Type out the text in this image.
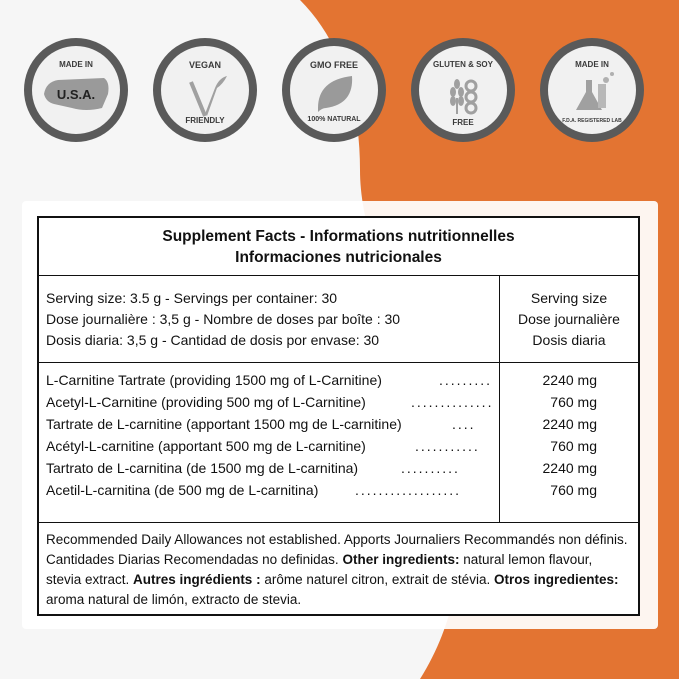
MADE IN
U.S.A.
VEGAN
FRIENDLY
GMO FREE
100% NATURAL
GLUTEN & SOY
FREE
MADE IN
F.D.A. REGISTERED LAB
Supplement Facts - Informations nutritionnelles
Informaciones nutricionales
Serving size: 3.5 g - Servings per container: 30
Dose journalière : 3,5 g - Nombre de doses par boîte : 30
Dosis diaria: 3,5 g - Cantidad de dosis por envase: 30
Serving size
Dose journalière
Dosis diaria
L-Carnitine Tartrate (providing 1500 mg of L-Carnitine)	.........	2240 mg
Acetyl-L-Carnitine (providing 500 mg of L-Carnitine)	..............	760 mg
Tartrate de L-carnitine (apportant 1500 mg de L-carnitine)	....	2240 mg
Acétyl-L-carnitine (apportant 500 mg de L-carnitine)	...........	760 mg
Tartrato de L-carnitina (de 1500 mg de L-carnitina)	..........	2240 mg
Acetil-L-carnitina (de 500 mg de L-carnitina)	..................	760 mg
Recommended Daily Allowances not established. Apports Journaliers Recommandés non définis. Cantidades Diarias Recomendadas no definidas. Other ingredients: natural lemon flavour, stevia extract. Autres ingrédients : arôme naturel citron, extrait de stévia. Otros ingredientes: aroma natural de limón, extracto de stevia.
